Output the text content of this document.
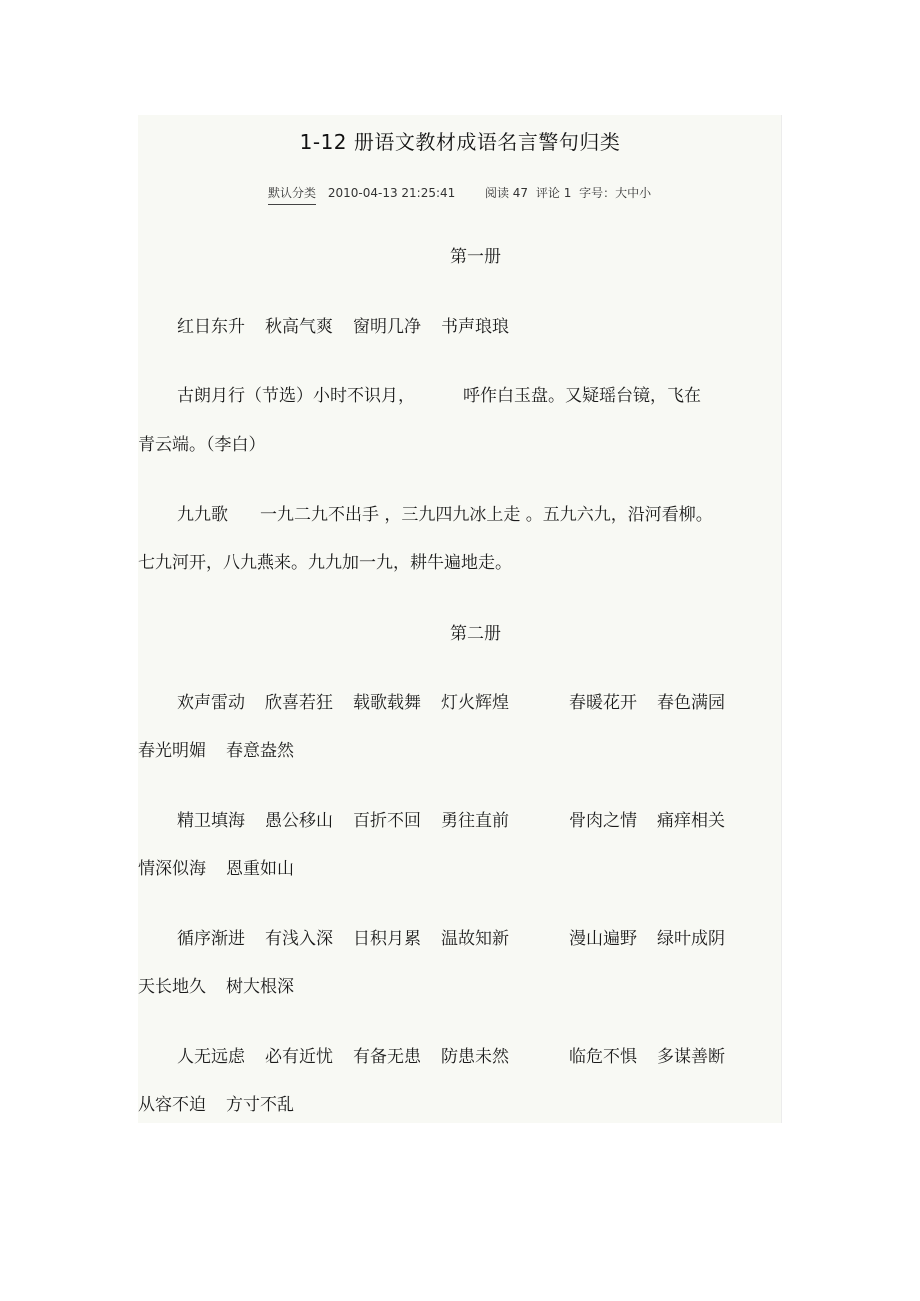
1-12 册语文教材成语名言警句归类
默认分类 2010-04-13 21:25:41 阅读 47 评论 1 字号：大中小
第一册
红日东升 秋高气爽 窗明几净 书声琅琅
古朗月行（节选）小时不识月，	呼作白玉盘。又疑瑶台镜，飞在
青云端。（李白）
九九歌 一九二九不出手 ，三九四九冰上走 。五九六九，沿河看柳。
七九河开，八九燕来。九九加一九，耕牛遍地走。
第二册
欢声雷动 欣喜若狂 载歌载舞 灯火辉煌	春暖花开 春色满园
春光明媚 春意盎然
精卫填海 愚公移山 百折不回 勇往直前	骨肉之情 痛痒相关
情深似海 恩重如山
循序渐进 有浅入深 日积月累 温故知新	漫山遍野 绿叶成阴
天长地久 树大根深
人无远虑 必有近忧 有备无患 防患未然	临危不惧 多谋善断
从容不迫 方寸不乱
